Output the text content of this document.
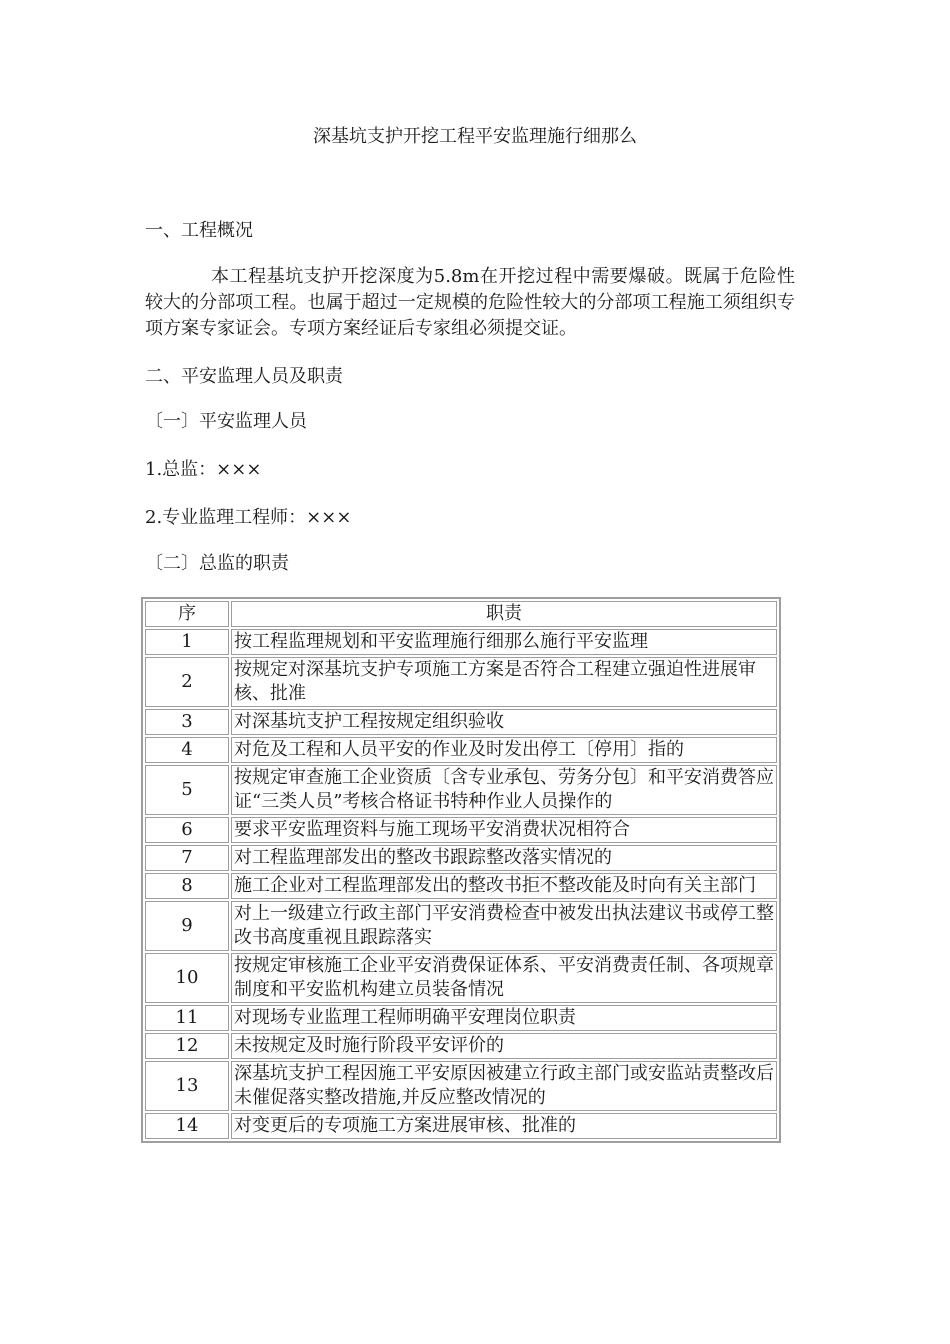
深基坑支护开挖工程平安监理施行细那么
一、工程概况
本工程基坑支护开挖深度为5.8m在开挖过程中需要爆破。既属于危险性较大的分部项工程。也属于超过一定规模的危险性较大的分部项工程施工须组织专项方案专家证会。专项方案经证后专家组必须提交证。
二、平安监理人员及职责
〔一〕平安监理人员
1.总监：×××
2.专业监理工程师：×××
〔二〕总监的职责
序	职责
1	按工程监理规划和平安监理施行细那么施行平安监理
2	按规定对深基坑支护专项施工方案是否符合工程建立强迫性进展审核、批准
3	对深基坑支护工程按规定组织验收
4	对危及工程和人员平安的作业及时发出停工〔停用〕指的
5	按规定审查施工企业资质〔含专业承包、劳务分包〕和平安消费答应证“三类人员”考核合格证书特种作业人员操作的
6	要求平安监理资料与施工现场平安消费状况相符合
7	对工程监理部发出的整改书跟踪整改落实情况的
8	施工企业对工程监理部发出的整改书拒不整改能及时向有关主部门
9	对上一级建立行政主部门平安消费检查中被发出执法建议书或停工整改书高度重视且跟踪落实
10	按规定审核施工企业平安消费保证体系、平安消费责任制、各项规章制度和平安监机构建立员装备情况
11	对现场专业监理工程师明确平安理岗位职责
12	未按规定及时施行阶段平安评价的
13	深基坑支护工程因施工平安原因被建立行政主部门或安监站责整改后未催促落实整改措施,并反应整改情况的
14	对变更后的专项施工方案进展审核、批准的
